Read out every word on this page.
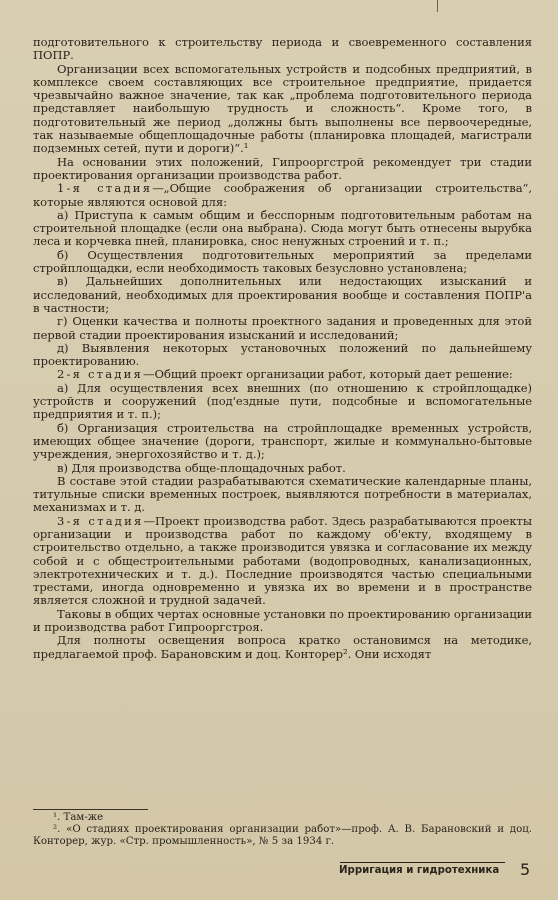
подготовительного к строительству периода и своевременного составления ПОПР.

Организации всех вспомогательных устройств и подсобных предприятий, в комплексе своем составляющих все строительное предприятие, придается чрезвычайно важное значение, так как „проблема подготовительного периода представляет наибольшую трудность и сложность“. Кроме того, в подготовительный же период „должны быть выполнены все первоочередные, так называемые общеплощадочные работы (планировка площадей, магистрали подземных сетей, пути и дороги)“.¹

На основании этих положений, Гипроοргстрой рекомендует три стадии проектирования организации производства работ.

1-я стадия—„Общие соображения об организации строительства“, которые являются основой для:

а) Приступа к самым общим и бесспорным подготовительным работам на строительной площадке (если она выбрана). Сюда могут быть отнесены вырубка леса и корчевка пней, планировка, снос ненужных строений и т. п.;

б) Осуществления подготовительных мероприятий за пределами стройплощадки, если необходимость таковых безусловно установлена;

в) Дальнейших дополнительных или недостающих изысканий и исследований, необходимых для проектирования вообще и составления ПОПР'а в частности;

г) Оценки качества и полноты проектного задания и проведенных для этой первой стадии проектирования изысканий и исследований;

д) Выявления некоторых установочных положений по дальнейшему проектированию.

2-я стадия—Общий проект организации работ, который дает решение:

а) Для осуществления всех внешних (по отношению к стройплощадке) устройств и сооружений (под'ездные пути, подсобные и вспомогательные предприятия и т. п.);

б) Организация строительства на стройплощадке временных устройств, имеющих общее значение (дороги, транспорт, жилые и коммунально-бытовые учреждения, энергохозяйство и т. д.);

в) Для производства обще-площадочных работ.

В составе этой стадии разрабатываются схематические календарные планы, титульные списки временных построек, выявляются потребности в материалах, механизмах и т. д.

3-я стадия—Проект производства работ. Здесь разрабатываются проекты организации и производства работ по каждому об'екту, входящему в строительство отдельно, а также производится увязка и согласование их между собой и с общестроительными работами (водопроводных, канализационных, электротехнических и т. д.). Последние производятся частью специальными трестами, иногда одновременно и увязка их во времени и в пространстве является сложной и трудной задачей.

Таковы в общих чертах основные установки по проектированию организации и производства работ Гипрооргстроя.

Для полноты освещения вопроса кратко остановимся на методике, предлагаемой проф. Барановским и доц. Конторер². Они исходят

¹. Там-же

². «О стадиях проектирования организации работ»—проф. А. В. Барановский и доц. Конторер, жур. «Стр. промышленность», № 5 за 1934 г.

Ирригация и гидротехника 5
